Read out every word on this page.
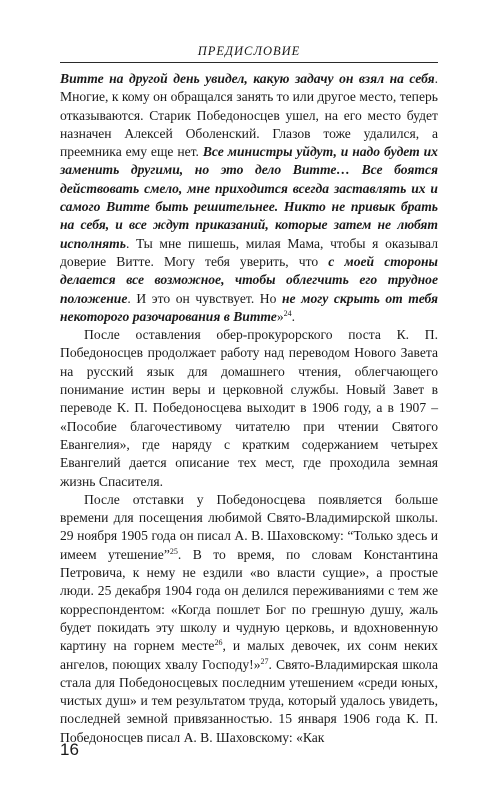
ПРЕДИСЛОВИЕ

Витте на другой день увидел, какую задачу он взял на себя. Многие, к кому он обращался занять то или другое место, теперь отказываются. Старик Победоносцев ушел, на его место будет назначен Алексей Оболенский. Глазов тоже удалился, а преемника ему еще нет. Все министры уйдут, и надо будет их заменить другими, но это дело Витте… Все боятся действовать смело, мне приходится всегда заставлять их и самого Витте быть решительнее. Никто не привык брать на себя, и все ждут приказаний, которые затем не любят исполнять. Ты мне пишешь, милая Мама, чтобы я оказывал доверие Витте. Могу тебя уверить, что с моей стороны делается все возможное, чтобы облегчить его трудное положение. И это он чувствует. Но не могу скрыть от тебя некоторого разочарования в Витте»$^{24}$.

После оставления обер-прокурорского поста К. П. Победоносцев продолжает работу над переводом Нового Завета на русский язык для домашнего чтения, облегчающего понимание истин веры и церковной службы. Новый Завет в переводе К. П. Победоносцева выходит в 1906 году, а в 1907 – «Пособие благочестивому читателю при чтении Святого Евангелия», где наряду с кратким содержанием четырех Евангелий дается описание тех мест, где проходила земная жизнь Спасителя.

После отставки у Победоносцева появляется больше времени для посещения любимой Свято-Владимирской школы. 29 ноября 1905 года он писал А. В. Шаховскому: “Только здесь и имеем утешение”$^{25}$. В то время, по словам Константина Петровича, к нему не ездили «во власти сущие», а простые люди. 25 декабря 1904 года он делился переживаниями с тем же корреспондентом: «Когда пошлет Бог по грешную душу, жаль будет покидать эту школу и чудную церковь, и вдохновенную картину на горнем месте$^{26}$, и малых девочек, их сонм неких ангелов, поющих хвалу Господу!»$^{27}$. Свято-Владимирская школа стала для Победоносцевых последним утешением «среди юных, чистых душ» и тем результатом труда, который удалось увидеть, последней земной привязанностью. 15 января 1906 года К. П. Победоносцев писал А. В. Шаховскому: «Как

16
